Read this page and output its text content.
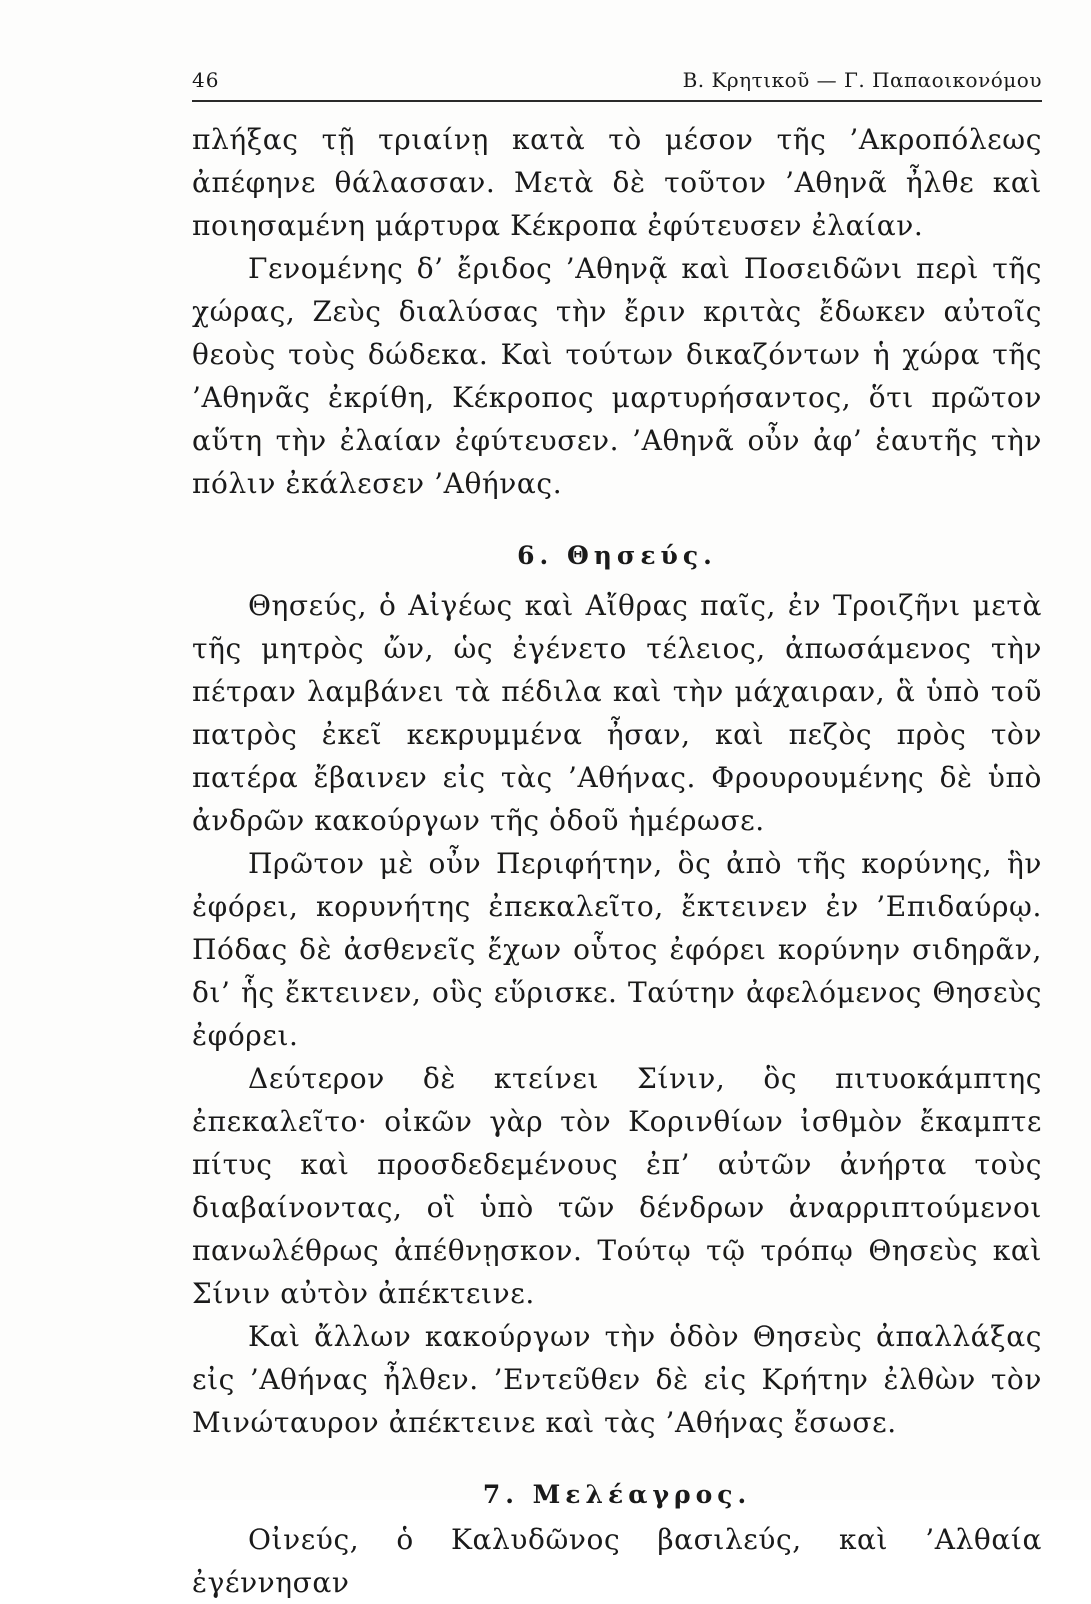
46	Β. Κρητικοῦ — Γ. Παπαοικονόμου

πλήξας τῇ τριαίνῃ κατὰ τὸ μέσον τῆς ’Ακροπόλεως ἀπέφηνε θάλασσαν. Μετὰ δὲ τοῦτον ’Αθηνᾶ ἦλθε καὶ ποιησαμένη μάρτυρα Κέκροπα ἐφύτευσεν ἐλαίαν.

Γενομένης δ’ ἔριδος ’Αθηνᾷ καὶ Ποσειδῶνι περὶ τῆς χώρας, Ζεὺς διαλύσας τὴν ἔριν κριτὰς ἔδωκεν αὐτοῖς θεοὺς τοὺς δώδεκα. Καὶ τούτων δικαζόντων ἡ χώρα τῆς ’Αθηνᾶς ἐκρίθη, Κέκροπος μαρτυρήσαντος, ὅτι πρῶτον αὕτη τὴν ἐλαίαν ἐφύτευσεν. ’Αθηνᾶ οὖν ἀφ’ ἑαυτῆς τὴν πόλιν ἐκάλεσεν ’Αθήνας.

6. Θησεύς.

Θησεύς, ὁ Αἰγέως καὶ Αἴθρας παῖς, ἐν Τροιζῆνι μετὰ τῆς μητρὸς ὤν, ὡς ἐγένετο τέλειος, ἀπωσάμενος τὴν πέτραν λαμβάνει τὰ πέδιλα καὶ τὴν μάχαιραν, ἃ ὑπὸ τοῦ πατρὸς ἐκεῖ κεκρυμμένα ἦσαν, καὶ πεζὸς πρὸς τὸν πατέρα ἔβαινεν εἰς τὰς ’Αθήνας. Φρουρουμένης δὲ ὑπὸ ἀνδρῶν κακούργων τῆς ὁδοῦ ἡμέρωσε.

Πρῶτον μὲ οὖν Περιφήτην, ὃς ἀπὸ τῆς κορύνης, ἣν ἐφόρει, κορυνήτης ἐπεκαλεῖτο, ἔκτεινεν ἐν ’Επιδαύρῳ. Πόδας δὲ ἀσθενεῖς ἔχων οὗτος ἐφόρει κορύνην σιδηρᾶν, δι’ ἧς ἔκτεινεν, οὓς εὕρισκε. Ταύτην ἀφελόμενος Θησεὺς ἐφόρει.

Δεύτερον δὲ κτείνει Σίνιν, ὃς πιτυοκάμπτης ἐπεκαλεῖτο· οἰκῶν γὰρ τὸν Κορινθίων ἰσθμὸν ἔκαμπτε πίτυς καὶ προσδεδεμένους ἐπ’ αὐτῶν ἀνήρτα τοὺς διαβαίνοντας, οἳ ὑπὸ τῶν δένδρων ἀναρριπτούμενοι πανωλέθρως ἀπέθνῃσκον. Τούτῳ τῷ τρόπῳ Θησεὺς καὶ Σίνιν αὐτὸν ἀπέκτεινε.

Καὶ ἄλλων κακούργων τὴν ὁδὸν Θησεὺς ἀπαλλάξας εἰς ’Αθήνας ἦλθεν. ’Εντεῦθεν δὲ εἰς Κρήτην ἐλθὼν τὸν Μινώταυρον ἀπέκτεινε καὶ τὰς ’Αθήνας ἔσωσε.

7. Μελέαγρος.

Οἰνεύς, ὁ Καλυδῶνος βασιλεύς, καὶ ’Αλθαία ἐγέννησαν
